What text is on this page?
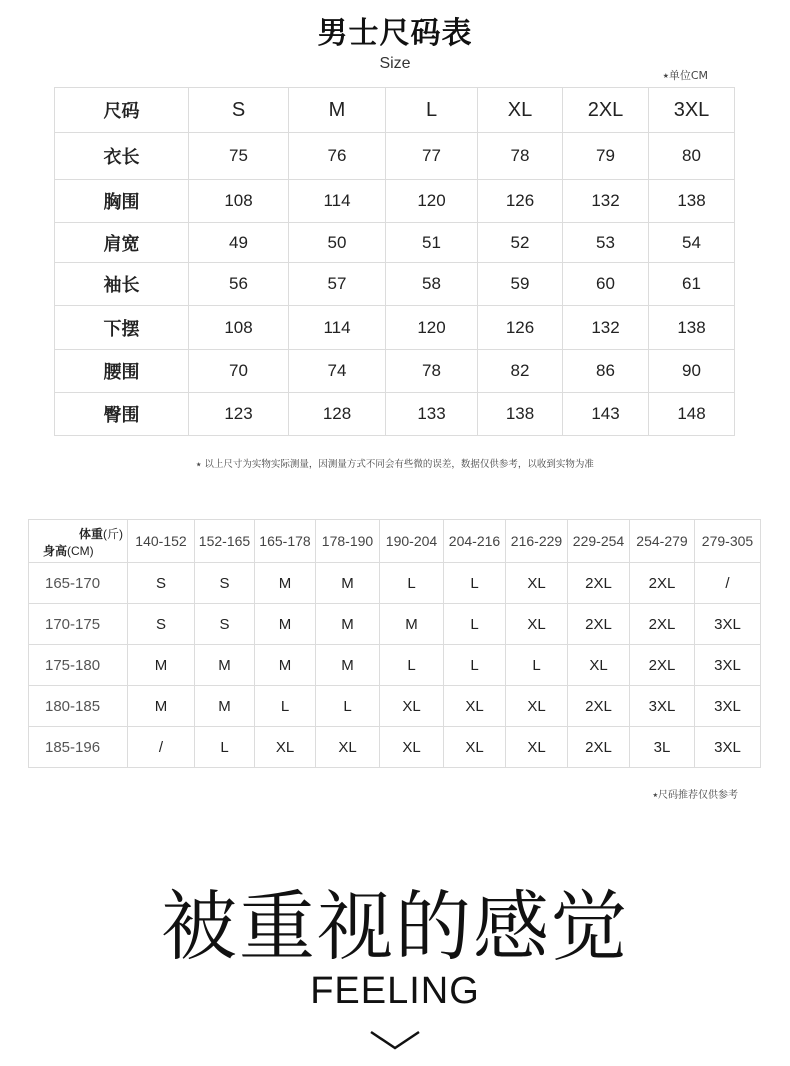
男士尺码表
Size
⭑单位CM
尺码	S	M	L	XL	2XL	3XL
衣长	75	76	77	78	79	80
胸围	108	114	120	126	132	138
肩宽	49	50	51	52	53	54
袖长	56	57	58	59	60	61
下摆	108	114	120	126	132	138
腰围	70	74	78	82	86	90
臀围	123	128	133	138	143	148
⭑ 以上尺寸为实物实际测量，因测量方式不同会有些微的误差，数据仅供参考，以收到实物为准
体重(斤)
身高(CM)	140-152	152-165	165-178	178-190	190-204	204-216	216-229	229-254	254-279	279-305
165-170	S	S	M	M	L	L	XL	2XL	2XL	/
170-175	S	S	M	M	M	L	XL	2XL	2XL	3XL
175-180	M	M	M	M	L	L	L	XL	2XL	3XL
180-185	M	M	L	L	XL	XL	XL	2XL	3XL	3XL
185-196	/	L	XL	XL	XL	XL	XL	2XL	3L	3XL
⭑尺码推荐仅供参考
被重视的感觉
FEELING
